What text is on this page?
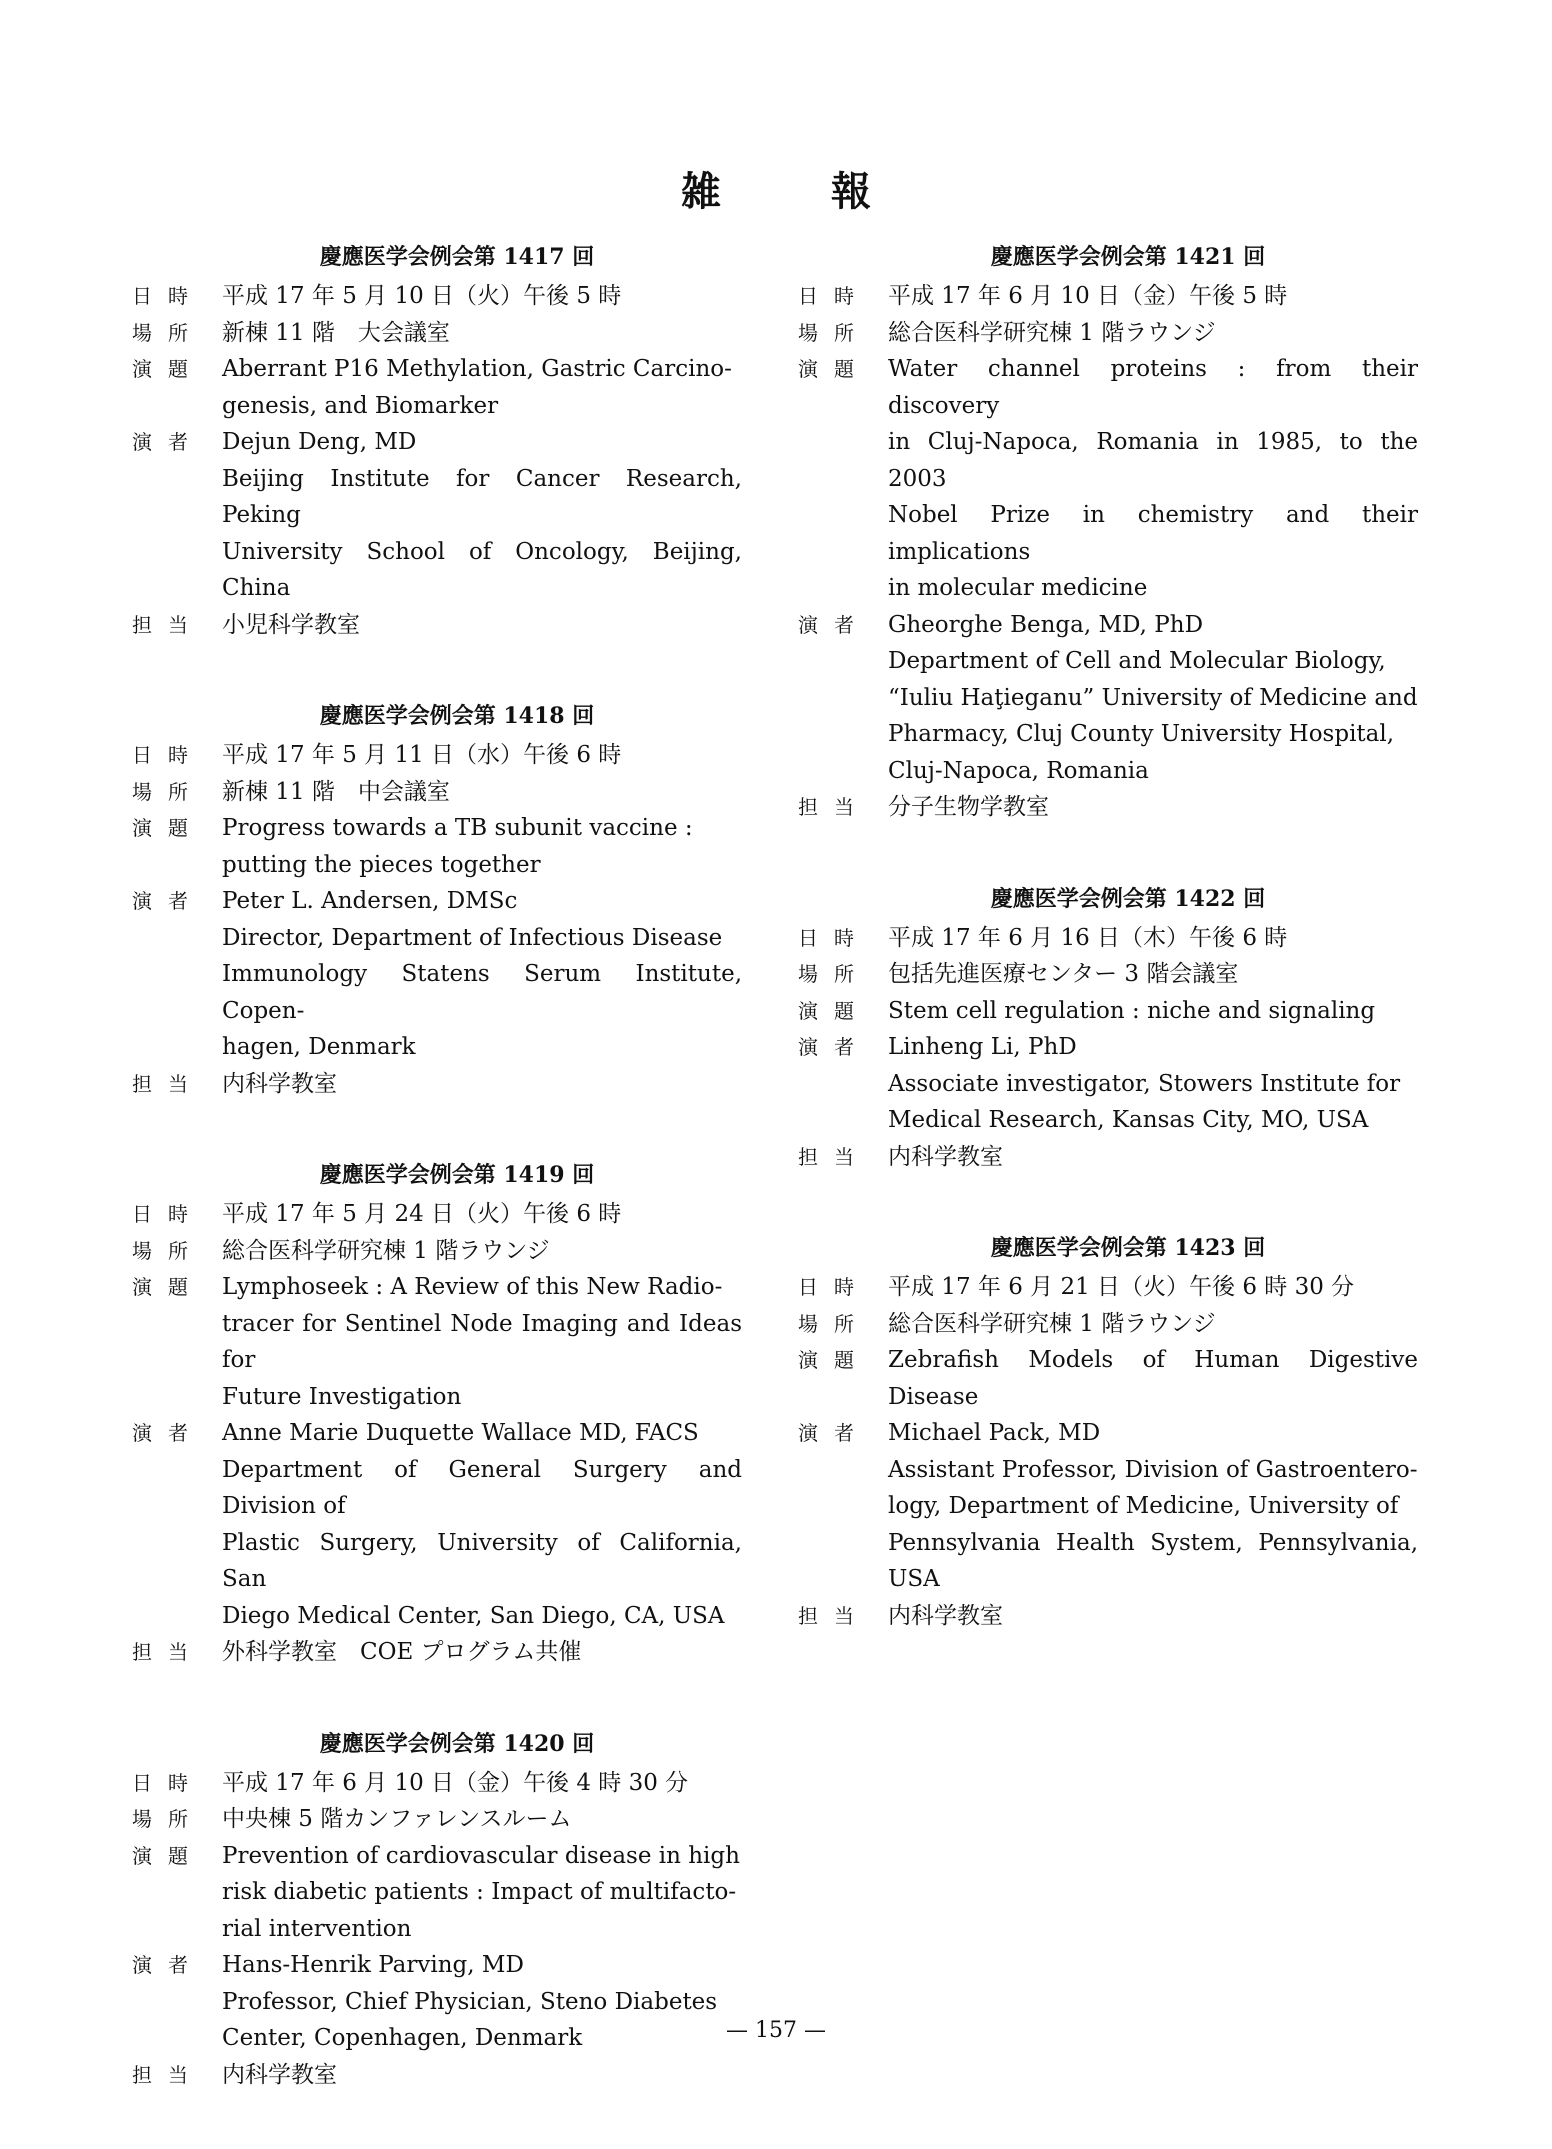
雑報
慶應医学会例会第 1417 回
日時 平成 17 年 5 月 10 日（火）午後 5 時
場所 新棟 11 階　大会議室
演題 Aberrant P16 Methylation, Gastric Carcino-
genesis, and Biomarker
演者 Dejun Deng, MD
Beijing Institute for Cancer Research, Peking
University School of Oncology, Beijing, China
担当 小児科学教室
慶應医学会例会第 1418 回
日時 平成 17 年 5 月 11 日（水）午後 6 時
場所 新棟 11 階　中会議室
演題 Progress towards a TB subunit vaccine :
putting the pieces together
演者 Peter L. Andersen, DMSc
Director, Department of Infectious Disease
Immunology Statens Serum Institute, Copen-
hagen, Denmark
担当 内科学教室
慶應医学会例会第 1419 回
日時 平成 17 年 5 月 24 日（火）午後 6 時
場所 総合医科学研究棟 1 階ラウンジ
演題 Lymphoseek : A Review of this New Radio-
tracer for Sentinel Node Imaging and Ideas for
Future Investigation
演者 Anne Marie Duquette Wallace MD, FACS
Department of General Surgery and Division of
Plastic Surgery, University of California, San
Diego Medical Center, San Diego, CA, USA
担当 外科学教室　COE プログラム共催
慶應医学会例会第 1420 回
日時 平成 17 年 6 月 10 日（金）午後 4 時 30 分
場所 中央棟 5 階カンファレンスルーム
演題 Prevention of cardiovascular disease in high
risk diabetic patients : Impact of multifacto-
rial intervention
演者 Hans-Henrik Parving, MD
Professor, Chief Physician, Steno Diabetes
Center, Copenhagen, Denmark
担当 内科学教室
慶應医学会例会第 1421 回
日時 平成 17 年 6 月 10 日（金）午後 5 時
場所 総合医科学研究棟 1 階ラウンジ
演題 Water channel proteins : from their discovery
in Cluj-Napoca, Romania in 1985, to the 2003
Nobel Prize in chemistry and their implications
in molecular medicine
演者 Gheorghe Benga, MD, PhD
Department of Cell and Molecular Biology,
“Iuliu Haţieganu” University of Medicine and
Pharmacy, Cluj County University Hospital,
Cluj-Napoca, Romania
担当 分子生物学教室
慶應医学会例会第 1422 回
日時 平成 17 年 6 月 16 日（木）午後 6 時
場所 包括先進医療センター 3 階会議室
演題 Stem cell regulation : niche and signaling
演者 Linheng Li, PhD
Associate investigator, Stowers Institute for
Medical Research, Kansas City, MO, USA
担当 内科学教室
慶應医学会例会第 1423 回
日時 平成 17 年 6 月 21 日（火）午後 6 時 30 分
場所 総合医科学研究棟 1 階ラウンジ
演題 Zebrafish Models of Human Digestive Disease
演者 Michael Pack, MD
Assistant Professor, Division of Gastroentero-
logy, Department of Medicine, University of
Pennsylvania Health System, Pennsylvania, USA
担当 内科学教室
— 157 —
